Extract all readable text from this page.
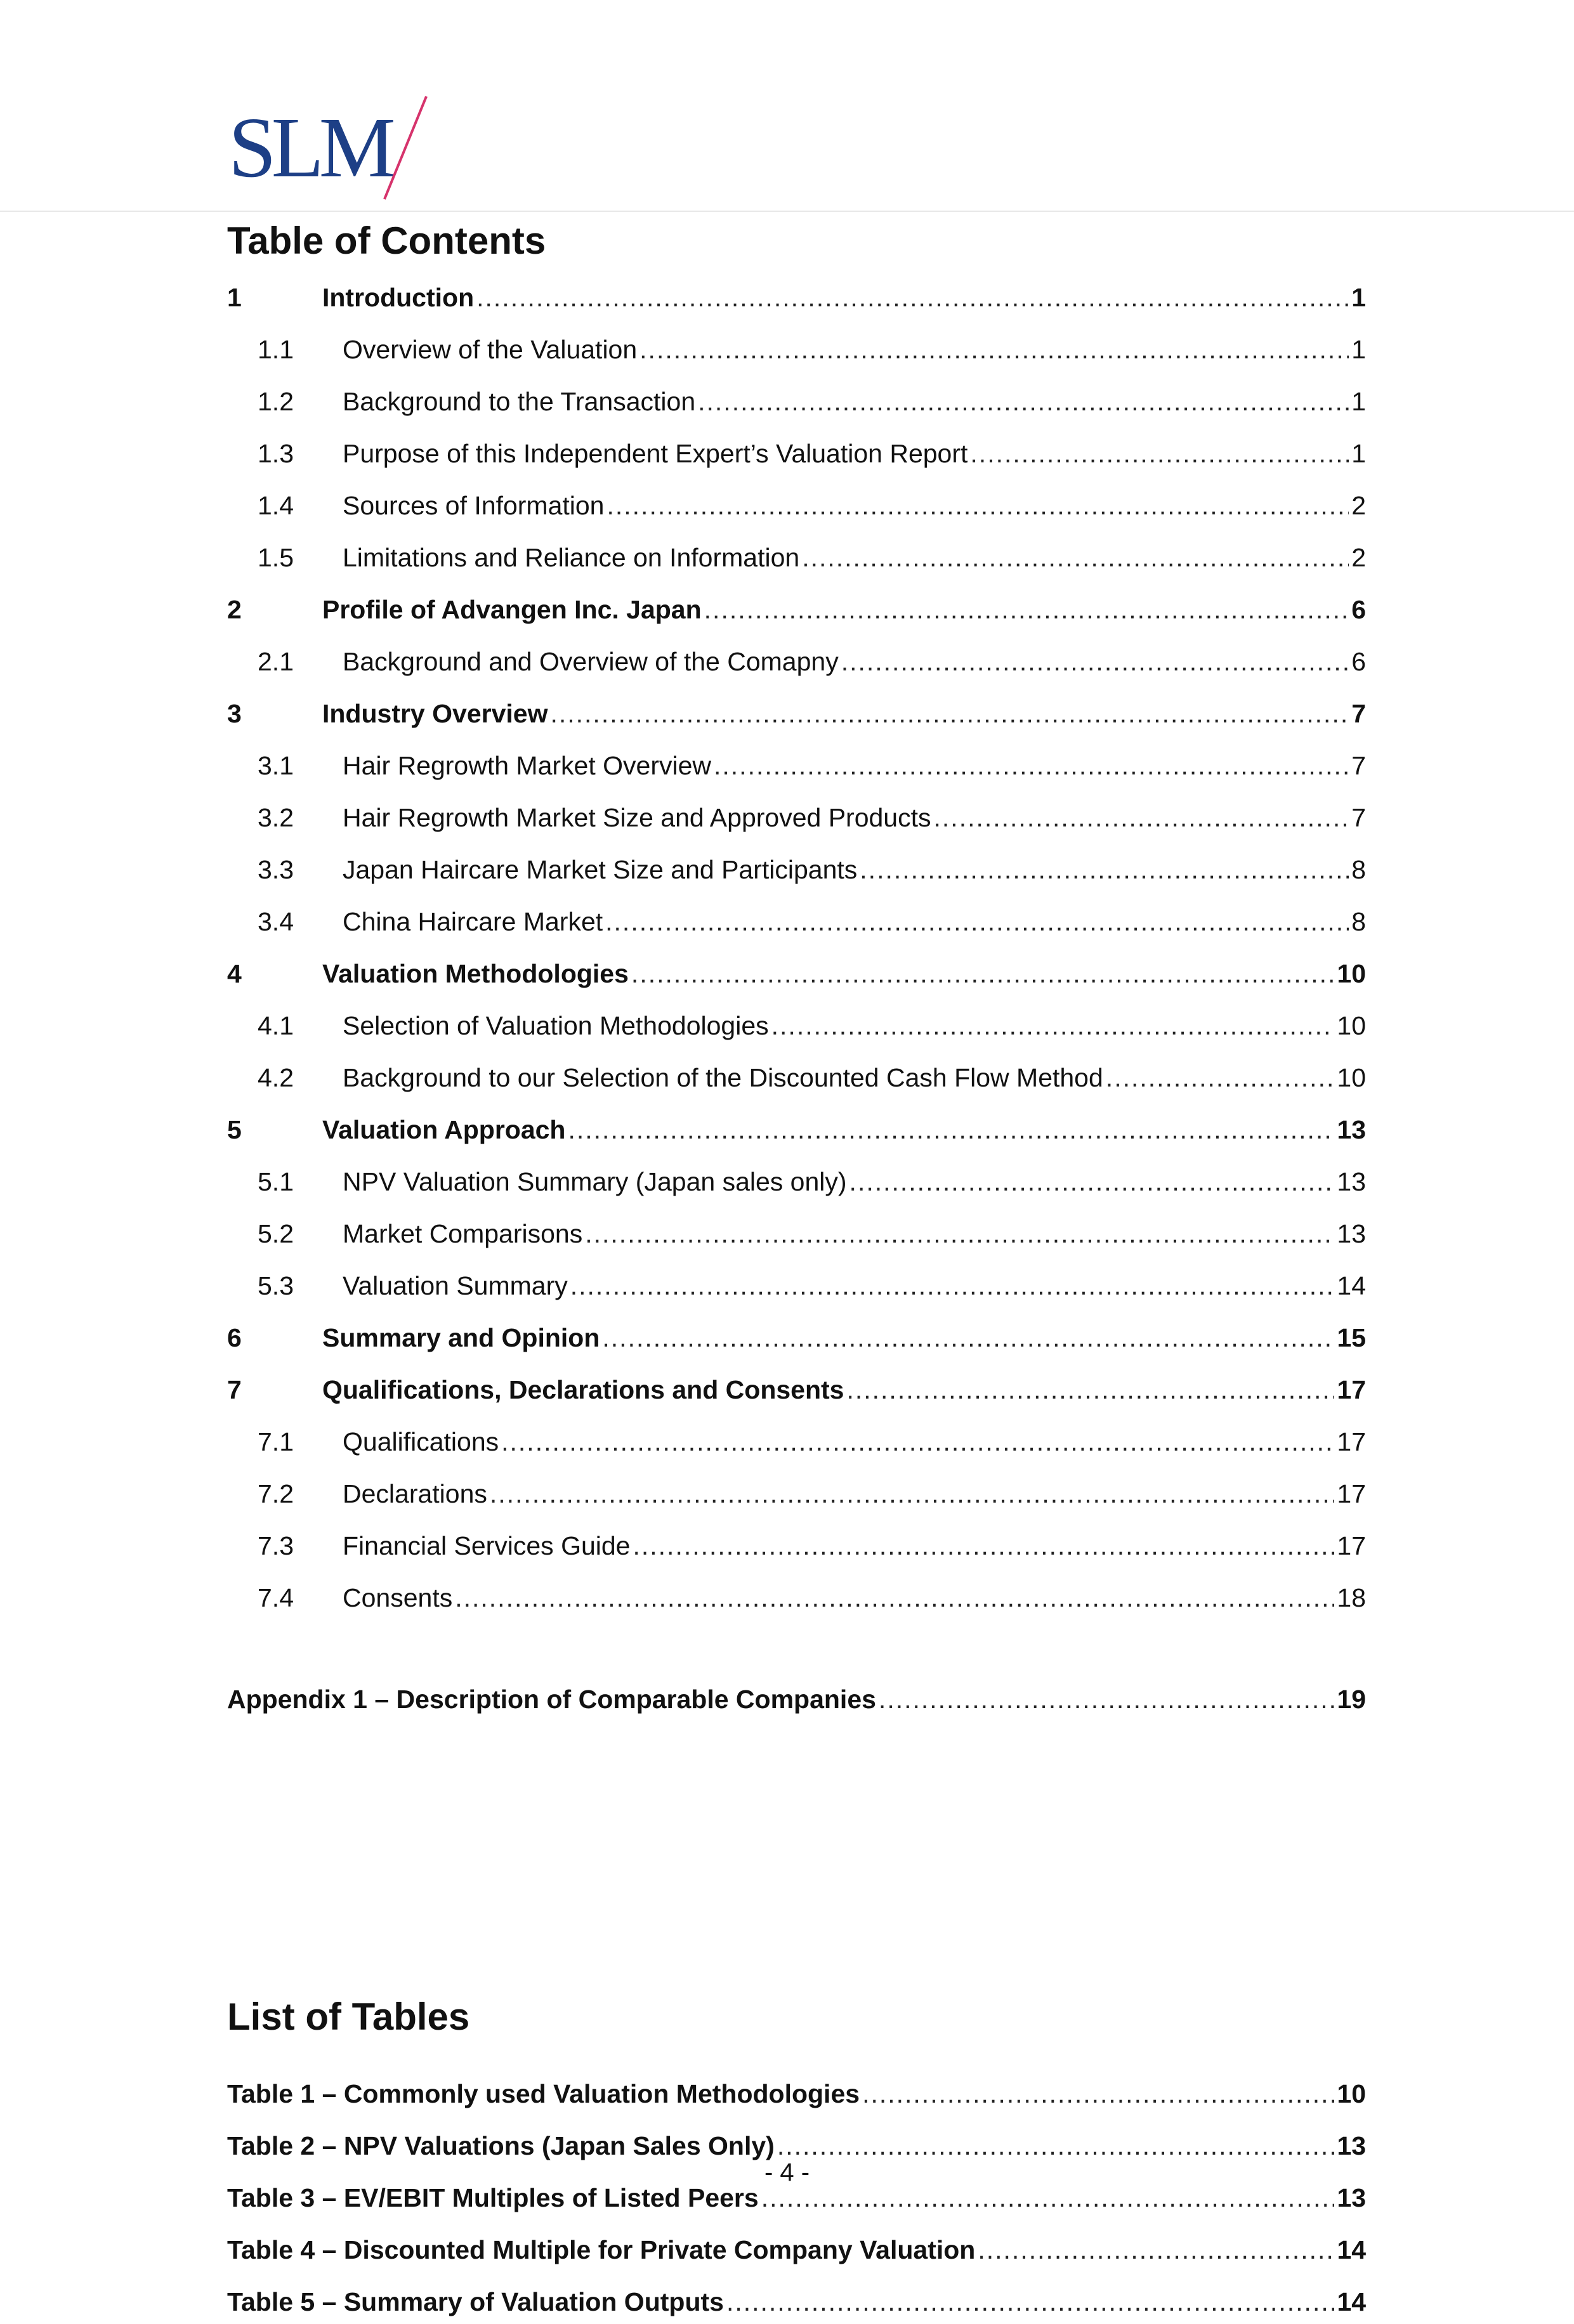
SLM
Table of Contents
1	Introduction .....	1
1.1	Overview of the Valuation .....	1
1.2	Background to the Transaction .....	1
1.3	Purpose of this Independent Expert’s Valuation Report .....	1
1.4	Sources of Information .....	2
1.5	Limitations and Reliance on Information .....	2
2	Profile of Advangen Inc. Japan .....	6
2.1	Background and Overview of the Comapny .....	6
3	Industry Overview .....	7
3.1	Hair Regrowth Market Overview .....	7
3.2	Hair Regrowth Market Size and Approved Products .....	7
3.3	Japan Haircare Market Size and Participants .....	8
3.4	China Haircare Market .....	8
4	Valuation Methodologies .....	10
4.1	Selection of Valuation Methodologies .....	10
4.2	Background to our Selection of the Discounted Cash Flow Method .....	10
5	Valuation Approach .....	13
5.1	NPV Valuation Summary (Japan sales only) .....	13
5.2	Market Comparisons .....	13
5.3	Valuation Summary .....	14
6	Summary and Opinion .....	15
7	Qualifications, Declarations and Consents .....	17
7.1	Qualifications .....	17
7.2	Declarations .....	17
7.3	Financial Services Guide .....	17
7.4	Consents .....	18
Appendix 1 – Description of Comparable Companies .....	19
List of Tables
Table 1 – Commonly used Valuation Methodologies .....	10
Table 2 – NPV Valuations (Japan Sales Only) .....	13
Table 3 – EV/EBIT Multiples of Listed Peers .....	13
Table 4 – Discounted Multiple for Private Company Valuation .....	14
Table 5 – Summary of Valuation Outputs .....	14
- 4 -
